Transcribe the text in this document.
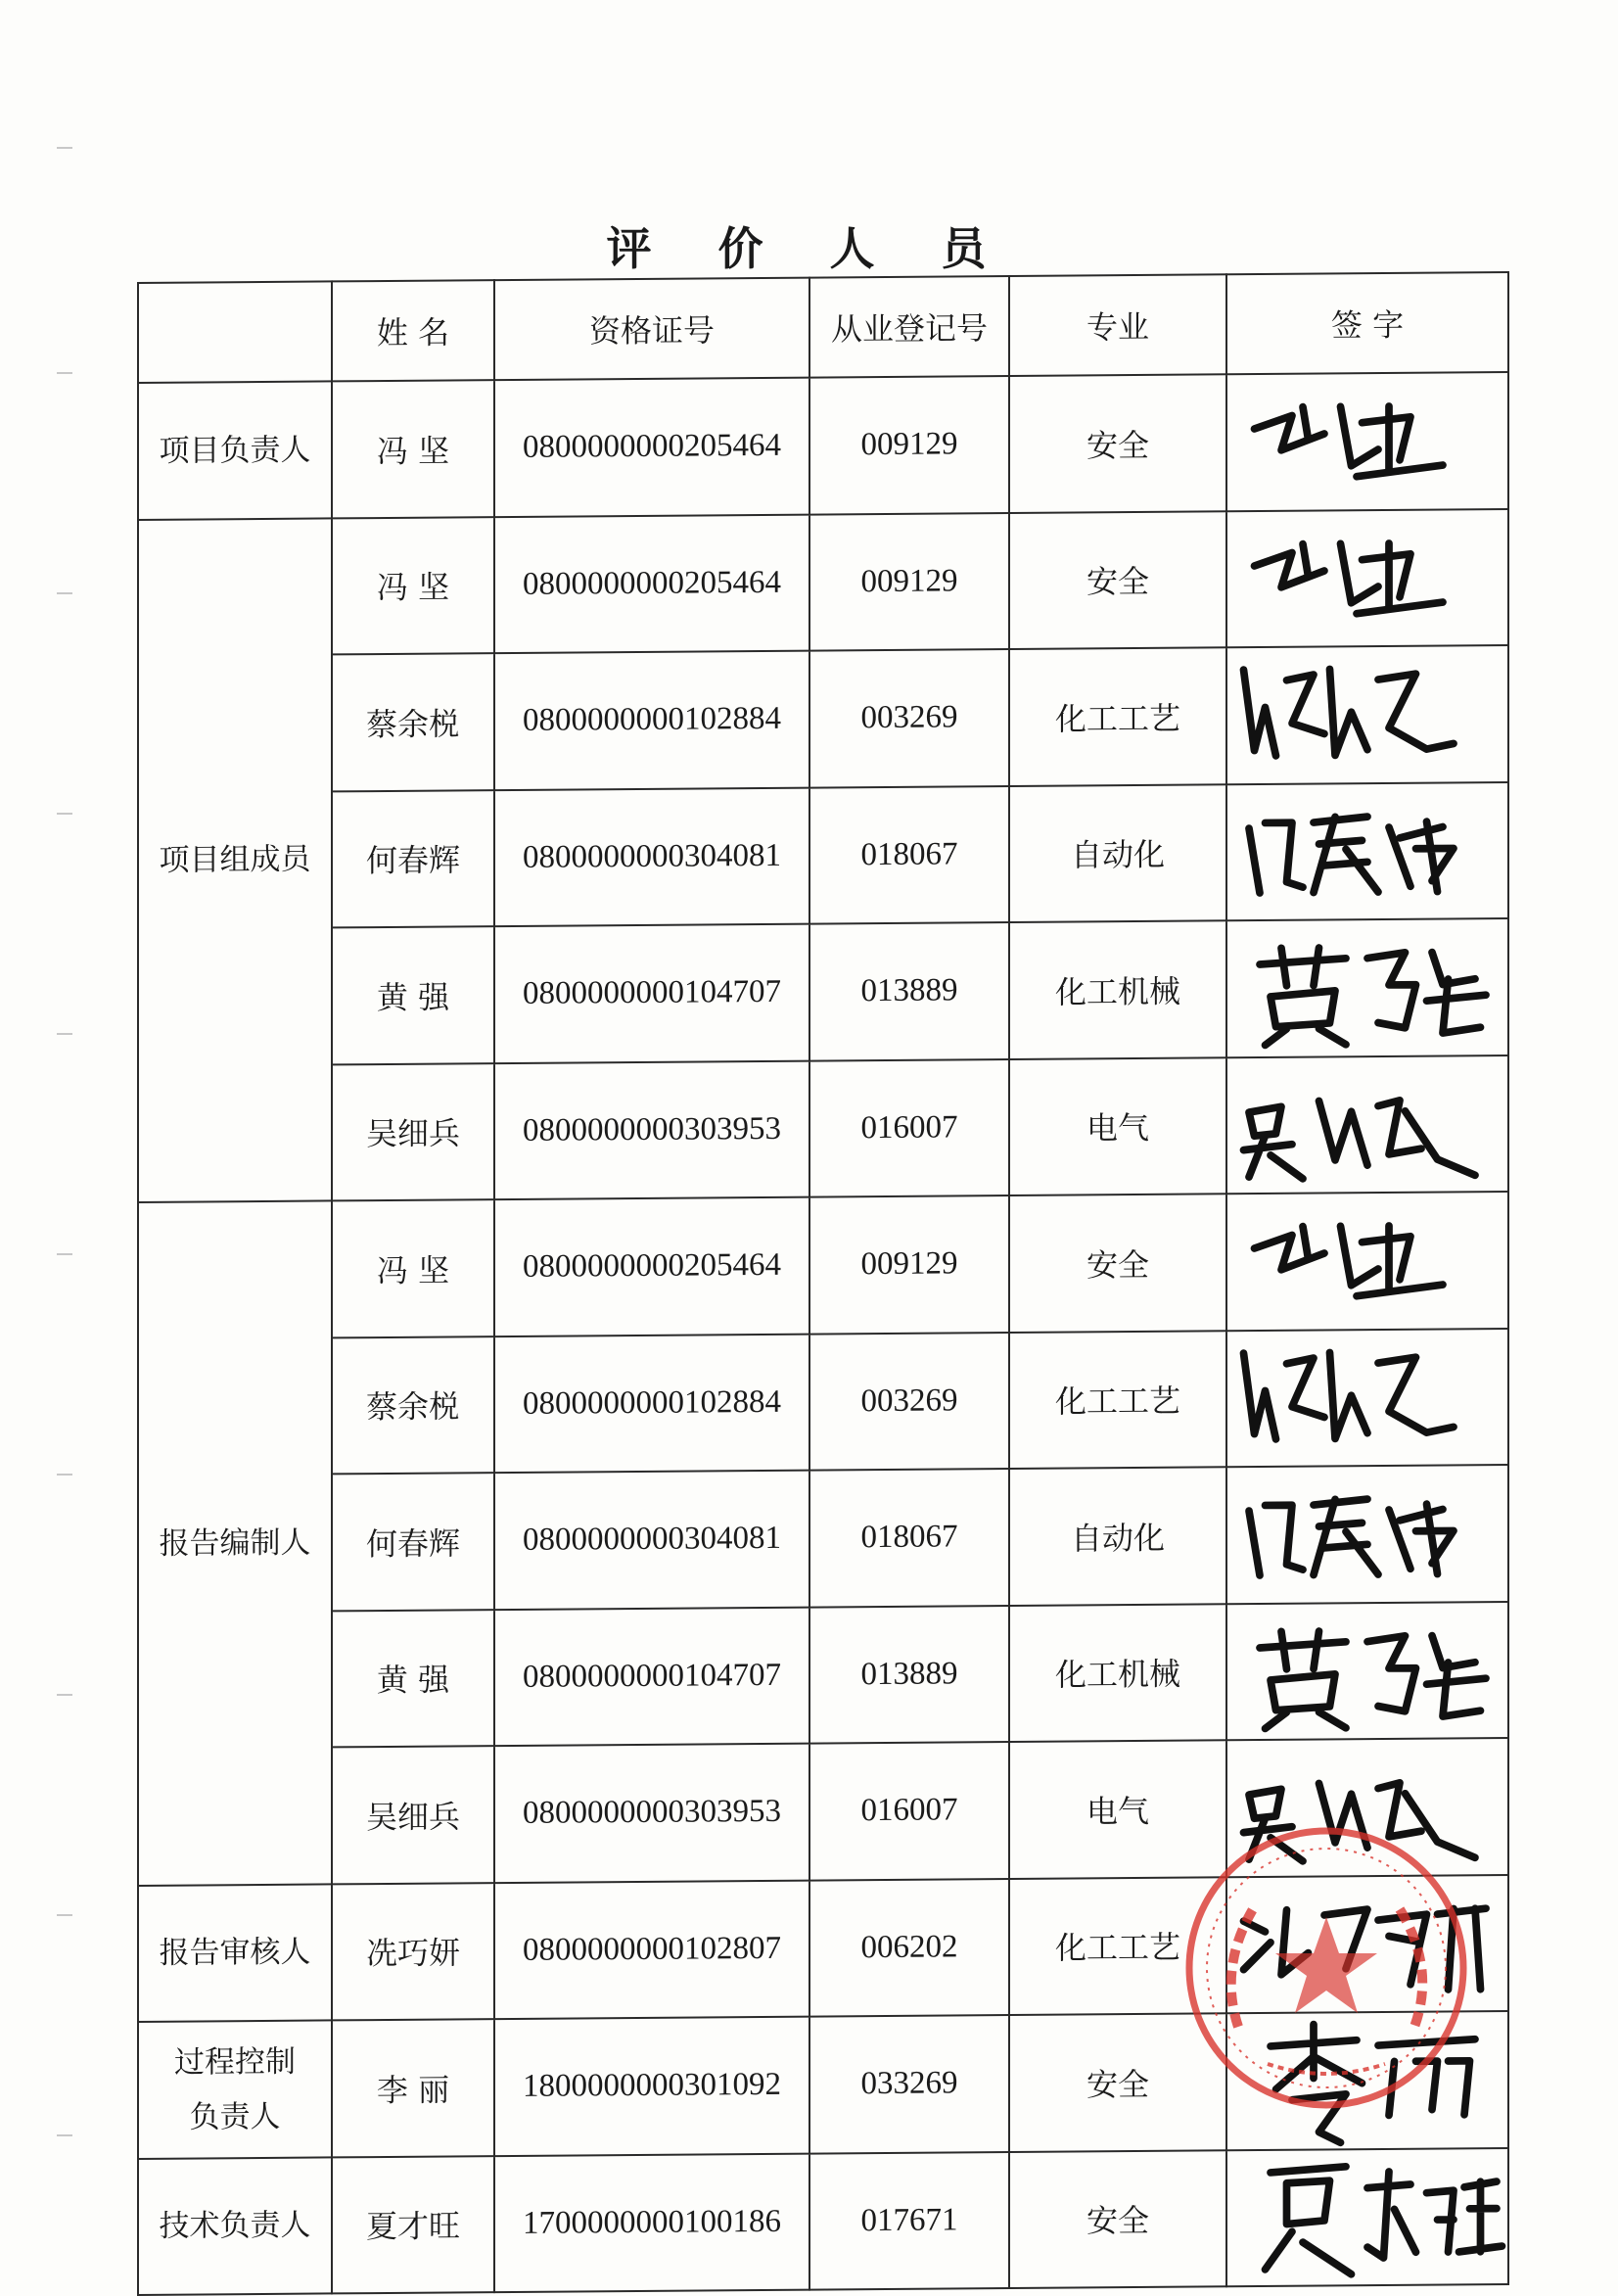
评 价 人 员
	姓 名	资格证号	从业登记号	专业	签 字
项目负责人	冯 坚	0800000000205464	009129	安全	

项目组成员	冯 坚	0800000000205464	009129	安全	

	蔡余棁	0800000000102884	003269	化工工艺	

	何春辉	0800000000304081	018067	自动化	

	黄 强	0800000000104707	013889	化工机械	

	吴细兵	0800000000303953	016007	电气	

报告编制人	冯 坚	0800000000205464	009129	安全	

	蔡余棁	0800000000102884	003269	化工工艺	

	何春辉	0800000000304081	018067	自动化	

	黄 强	0800000000104707	013889	化工机械	

	吴细兵	0800000000303953	016007	电气	

报告审核人	冼巧妍	0800000000102807	006202	化工工艺	

过程控制
负责人	李 丽	1800000000301092	033269	安全	

技术负责人	夏才旺	1700000000100186	017671	安全	
